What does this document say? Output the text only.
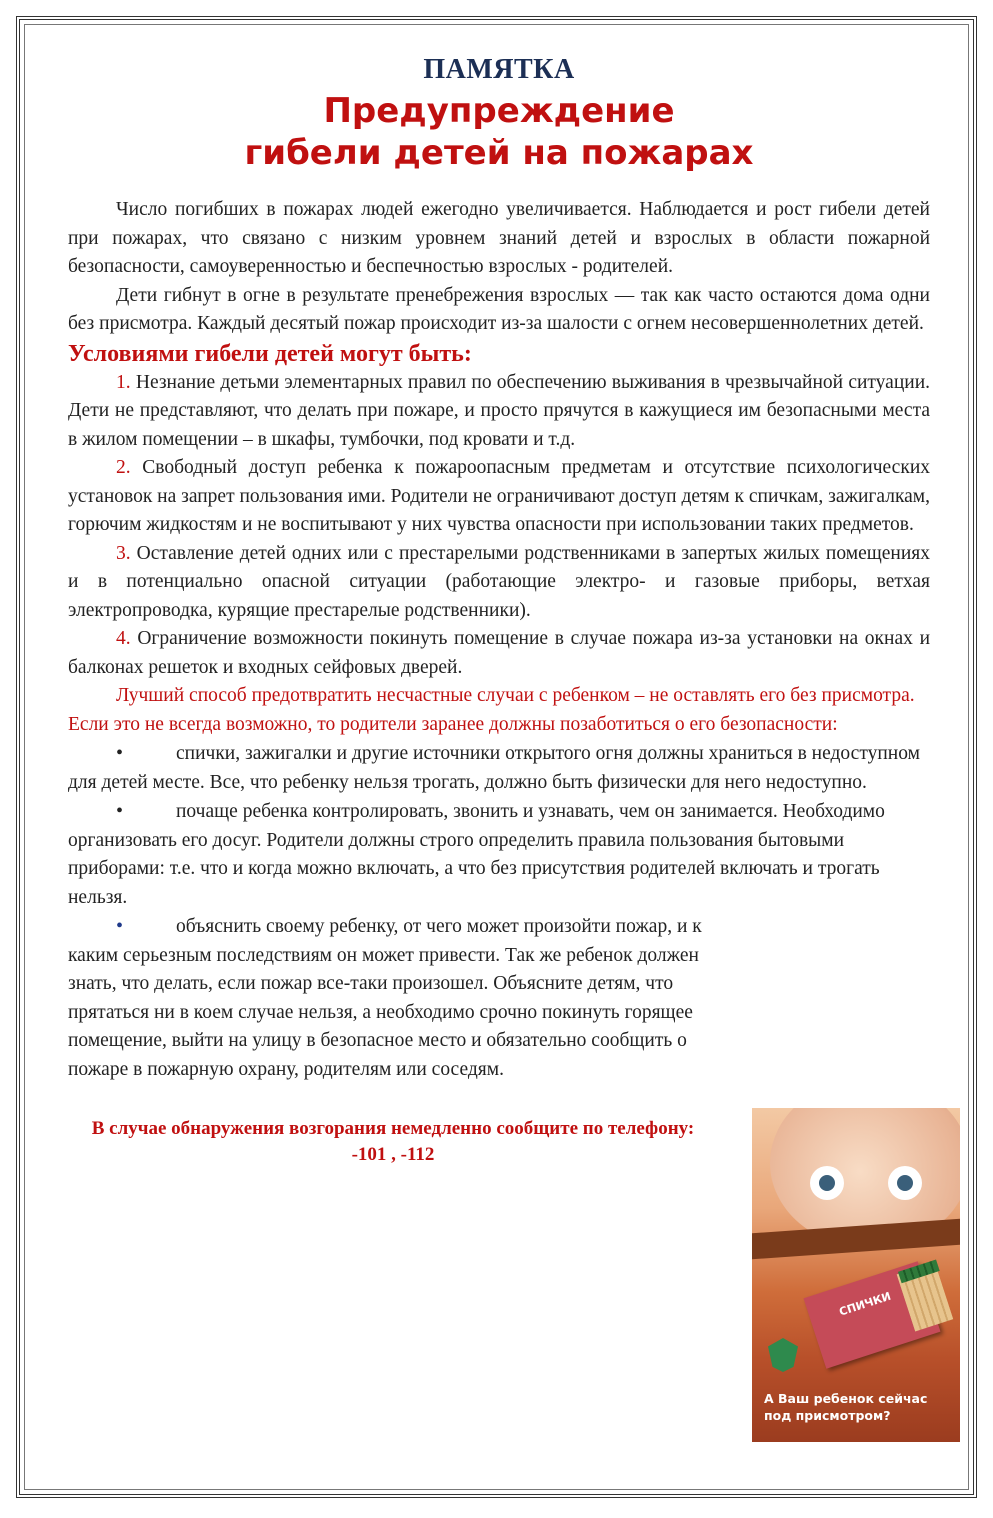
ПАМЯТКА

Предупреждение

гибели детей на пожарах

Число погибших в пожарах людей ежегодно увеличивается. Наблюдается и рост гибели детей при пожарах, что связано с низким уровнем знаний детей и взрослых в области пожарной безопасности, самоуверенностью и беспечностью взрослых - родителей.

Дети гибнут в огне в результате пренебрежения взрослых — так как часто остаются дома одни без присмотра. Каждый десятый пожар происходит из-за шалости с огнем несовершеннолетних детей.

Условиями гибели детей могут быть:

1. Незнание детьми элементарных правил по обеспечению выживания в чрезвычайной ситуации. Дети не представляют, что делать при пожаре, и просто прячутся в кажущиеся им безопасными места в жилом помещении – в шкафы, тумбочки, под кровати и т.д.

2. Свободный доступ ребенка к пожароопасным предметам и отсутствие психологических установок на запрет пользования ими. Родители не ограничивают доступ детям к спичкам, зажигалкам, горючим жидкостям и не воспитывают у них чувства опасности при использовании таких предметов.

3. Оставление детей одних или с престарелыми родственниками в запертых жилых помещениях и в потенциально опасной ситуации (работающие электро- и газовые приборы, ветхая электропроводка, курящие престарелые родственники).

4. Ограничение возможности покинуть помещение в случае пожара из-за установки на окнах и балконах решеток и входных сейфовых дверей.

Лучший способ предотвратить несчастные случаи с ребенком – не оставлять его без присмотра. Если это не всегда возможно, то родители заранее должны позаботиться о его безопасности:

•	спички, зажигалки и другие источники открытого огня должны храниться в недоступном для детей месте. Все, что ребенку нельзя трогать, должно быть физически для него недоступно.

•	почаще ребенка контролировать, звонить и узнавать, чем он занимается. Необходимо организовать его досуг. Родители должны строго определить правила пользования бытовыми приборами: т.е. что и когда можно включать, а что без присутствия родителей включать и трогать нельзя.

•	объяснить своему ребенку, от чего может произойти пожар, и к каким серьезным последствиям он может привести. Так же ребенок должен знать, что делать, если пожар все-таки произошел. Объясните детям, что прятаться ни в коем случае нельзя, а необходимо срочно покинуть горящее помещение, выйти на улицу в безопасное место и обязательно сообщить о пожаре в пожарную охрану, родителям или соседям.

В случае обнаружения возгорания немедленно сообщите по телефону:
-101 , -112
СПИЧКИ
А Ваш ребенок сейчас под присмотром?
